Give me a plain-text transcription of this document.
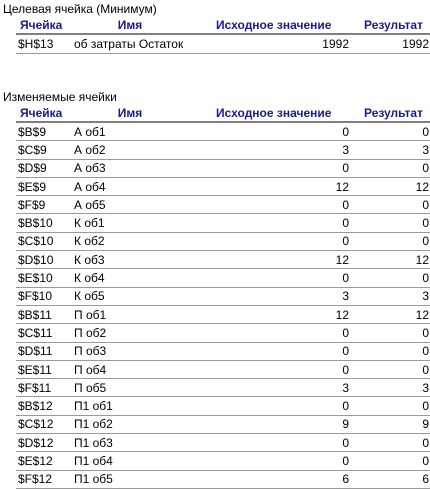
Целевая ячейка (Минимум)
Ячейка	Имя	Исходное значение	Результат
$H$13	об затраты Остаток	1992	1992
Изменяемые ячейки
Ячейка	Имя	Исходное значение	Результат
$B$9	А об1	0	0
$C$9	А об2	3	3
$D$9	А об3	0	0
$E$9	А об4	12	12
$F$9	А об5	0	0
$B$10	К об1	0	0
$C$10	К об2	0	0
$D$10	К об3	12	12
$E$10	К об4	0	0
$F$10	К об5	3	3
$B$11	П об1	12	12
$C$11	П об2	0	0
$D$11	П об3	0	0
$E$11	П об4	0	0
$F$11	П об5	3	3
$B$12	П1 об1	0	0
$C$12	П1 об2	9	9
$D$12	П1 об3	0	0
$E$12	П1 об4	0	0
$F$12	П1 об5	6	6
